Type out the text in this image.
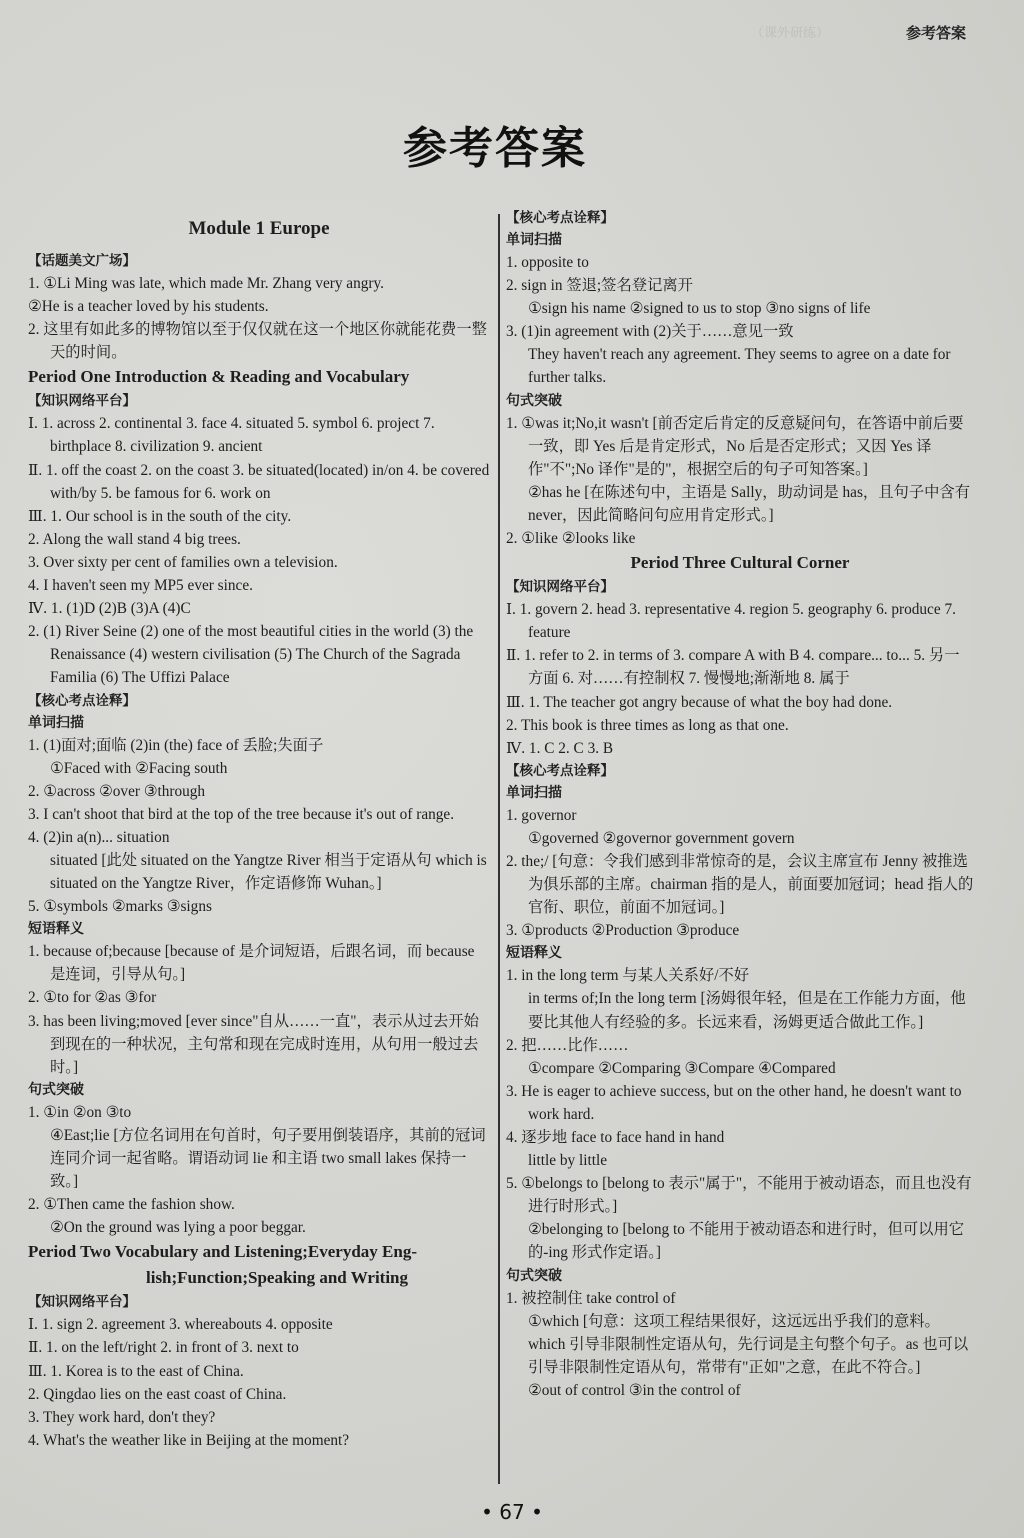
（课外研练）	参考答案
参考答案
Module 1 Europe
【话题美文广场】
1. ①Li Ming was late, which made Mr. Zhang very angry.
②He is a teacher loved by his students.
2. 这里有如此多的博物馆以至于仅仅就在这一个地区你就能花费一整天的时间。
Period One Introduction & Reading and Vocabulary
【知识网络平台】
Ⅰ. 1. across 2. continental 3. face 4. situated 5. symbol 6. project 7. birthplace 8. civilization 9. ancient
Ⅱ. 1. off the coast 2. on the coast 3. be situated(located) in/on 4. be covered with/by 5. be famous for 6. work on
Ⅲ. 1. Our school is in the south of the city.
2. Along the wall stand 4 big trees.
3. Over sixty per cent of families own a television.
4. I haven't seen my MP5 ever since.
Ⅳ. 1. (1)D (2)B (3)A (4)C
2. (1) River Seine (2) one of the most beautiful cities in the world (3) the Renaissance (4) western civilisation (5) The Church of the Sagrada Familia (6) The Uffizi Palace
【核心考点诠释】
单词扫描
1. (1)面对;面临 (2)in (the) face of 丢脸;失面子
①Faced with ②Facing south
2. ①across ②over ③through
3. I can't shoot that bird at the top of the tree because it's out of range.
4. (2)in a(n)... situation
situated [此处 situated on the Yangtze River 相当于定语从句 which is situated on the Yangtze River，作定语修饰 Wuhan。]
5. ①symbols ②marks ③signs
短语释义
1. because of;because [because of 是介词短语，后跟名词，而 because 是连词，引导从句。]
2. ①to for ②as ③for
3. has been living;moved [ever since"自从……一直"，表示从过去开始到现在的一种状况，主句常和现在完成时连用，从句用一般过去时。]
句式突破
1. ①in ②on ③to
④East;lie [方位名词用在句首时，句子要用倒装语序，其前的冠词连同介词一起省略。谓语动词 lie 和主语 two small lakes 保持一致。]
2. ①Then came the fashion show.
②On the ground was lying a poor beggar.
Period Two Vocabulary and Listening;Everyday Eng-
lish;Function;Speaking and Writing
【知识网络平台】
Ⅰ. 1. sign 2. agreement 3. whereabouts 4. opposite
Ⅱ. 1. on the left/right 2. in front of 3. next to
Ⅲ. 1. Korea is to the east of China.
2. Qingdao lies on the east coast of China.
3. They work hard, don't they?
4. What's the weather like in Beijing at the moment?
【核心考点诠释】
单词扫描
1. opposite to
2. sign in 签退;签名登记离开
①sign his name ②signed to us to stop ③no signs of life
3. (1)in agreement with (2)关于……意见一致
They haven't reach any agreement. They seems to agree on a date for further talks.
句式突破
1. ①was it;No,it wasn't [前否定后肯定的反意疑问句，在答语中前后要一致，即 Yes 后是肯定形式，No 后是否定形式；又因 Yes 译作"不";No 译作"是的"，根据空后的句子可知答案。]
②has he [在陈述句中，主语是 Sally，助动词是 has，且句子中含有 never，因此简略问句应用肯定形式。]
2. ①like ②looks like
Period Three Cultural Corner
【知识网络平台】
Ⅰ. 1. govern 2. head 3. representative 4. region 5. geography 6. produce 7. feature
Ⅱ. 1. refer to 2. in terms of 3. compare A with B 4. compare... to... 5. 另一方面 6. 对……有控制权 7. 慢慢地;渐渐地 8. 属于
Ⅲ. 1. The teacher got angry because of what the boy had done.
2. This book is three times as long as that one.
Ⅳ. 1. C 2. C 3. B
【核心考点诠释】
单词扫描
1. governor
①governed ②governor government govern
2. the;/ [句意：令我们感到非常惊奇的是，会议主席宣布 Jenny 被推选为俱乐部的主席。chairman 指的是人，前面要加冠词；head 指人的官衔、职位，前面不加冠词。]
3. ①products ②Production ③produce
短语释义
1. in the long term 与某人关系好/不好
in terms of;In the long term [汤姆很年轻，但是在工作能力方面，他要比其他人有经验的多。长远来看，汤姆更适合做此工作。]
2. 把……比作……
①compare ②Comparing ③Compare ④Compared
3. He is eager to achieve success, but on the other hand, he doesn't want to work hard.
4. 逐步地 face to face hand in hand
little by little
5. ①belongs to [belong to 表示"属于"，不能用于被动语态，而且也没有进行时形式。]
②belonging to [belong to 不能用于被动语态和进行时，但可以用它的-ing 形式作定语。]
句式突破
1. 被控制住 take control of
①which [句意：这项工程结果很好，这远远出乎我们的意料。which 引导非限制性定语从句，先行词是主句整个句子。as 也可以引导非限制性定语从句，常带有"正如"之意，在此不符合。]
②out of control ③in the control of
• 67 •
